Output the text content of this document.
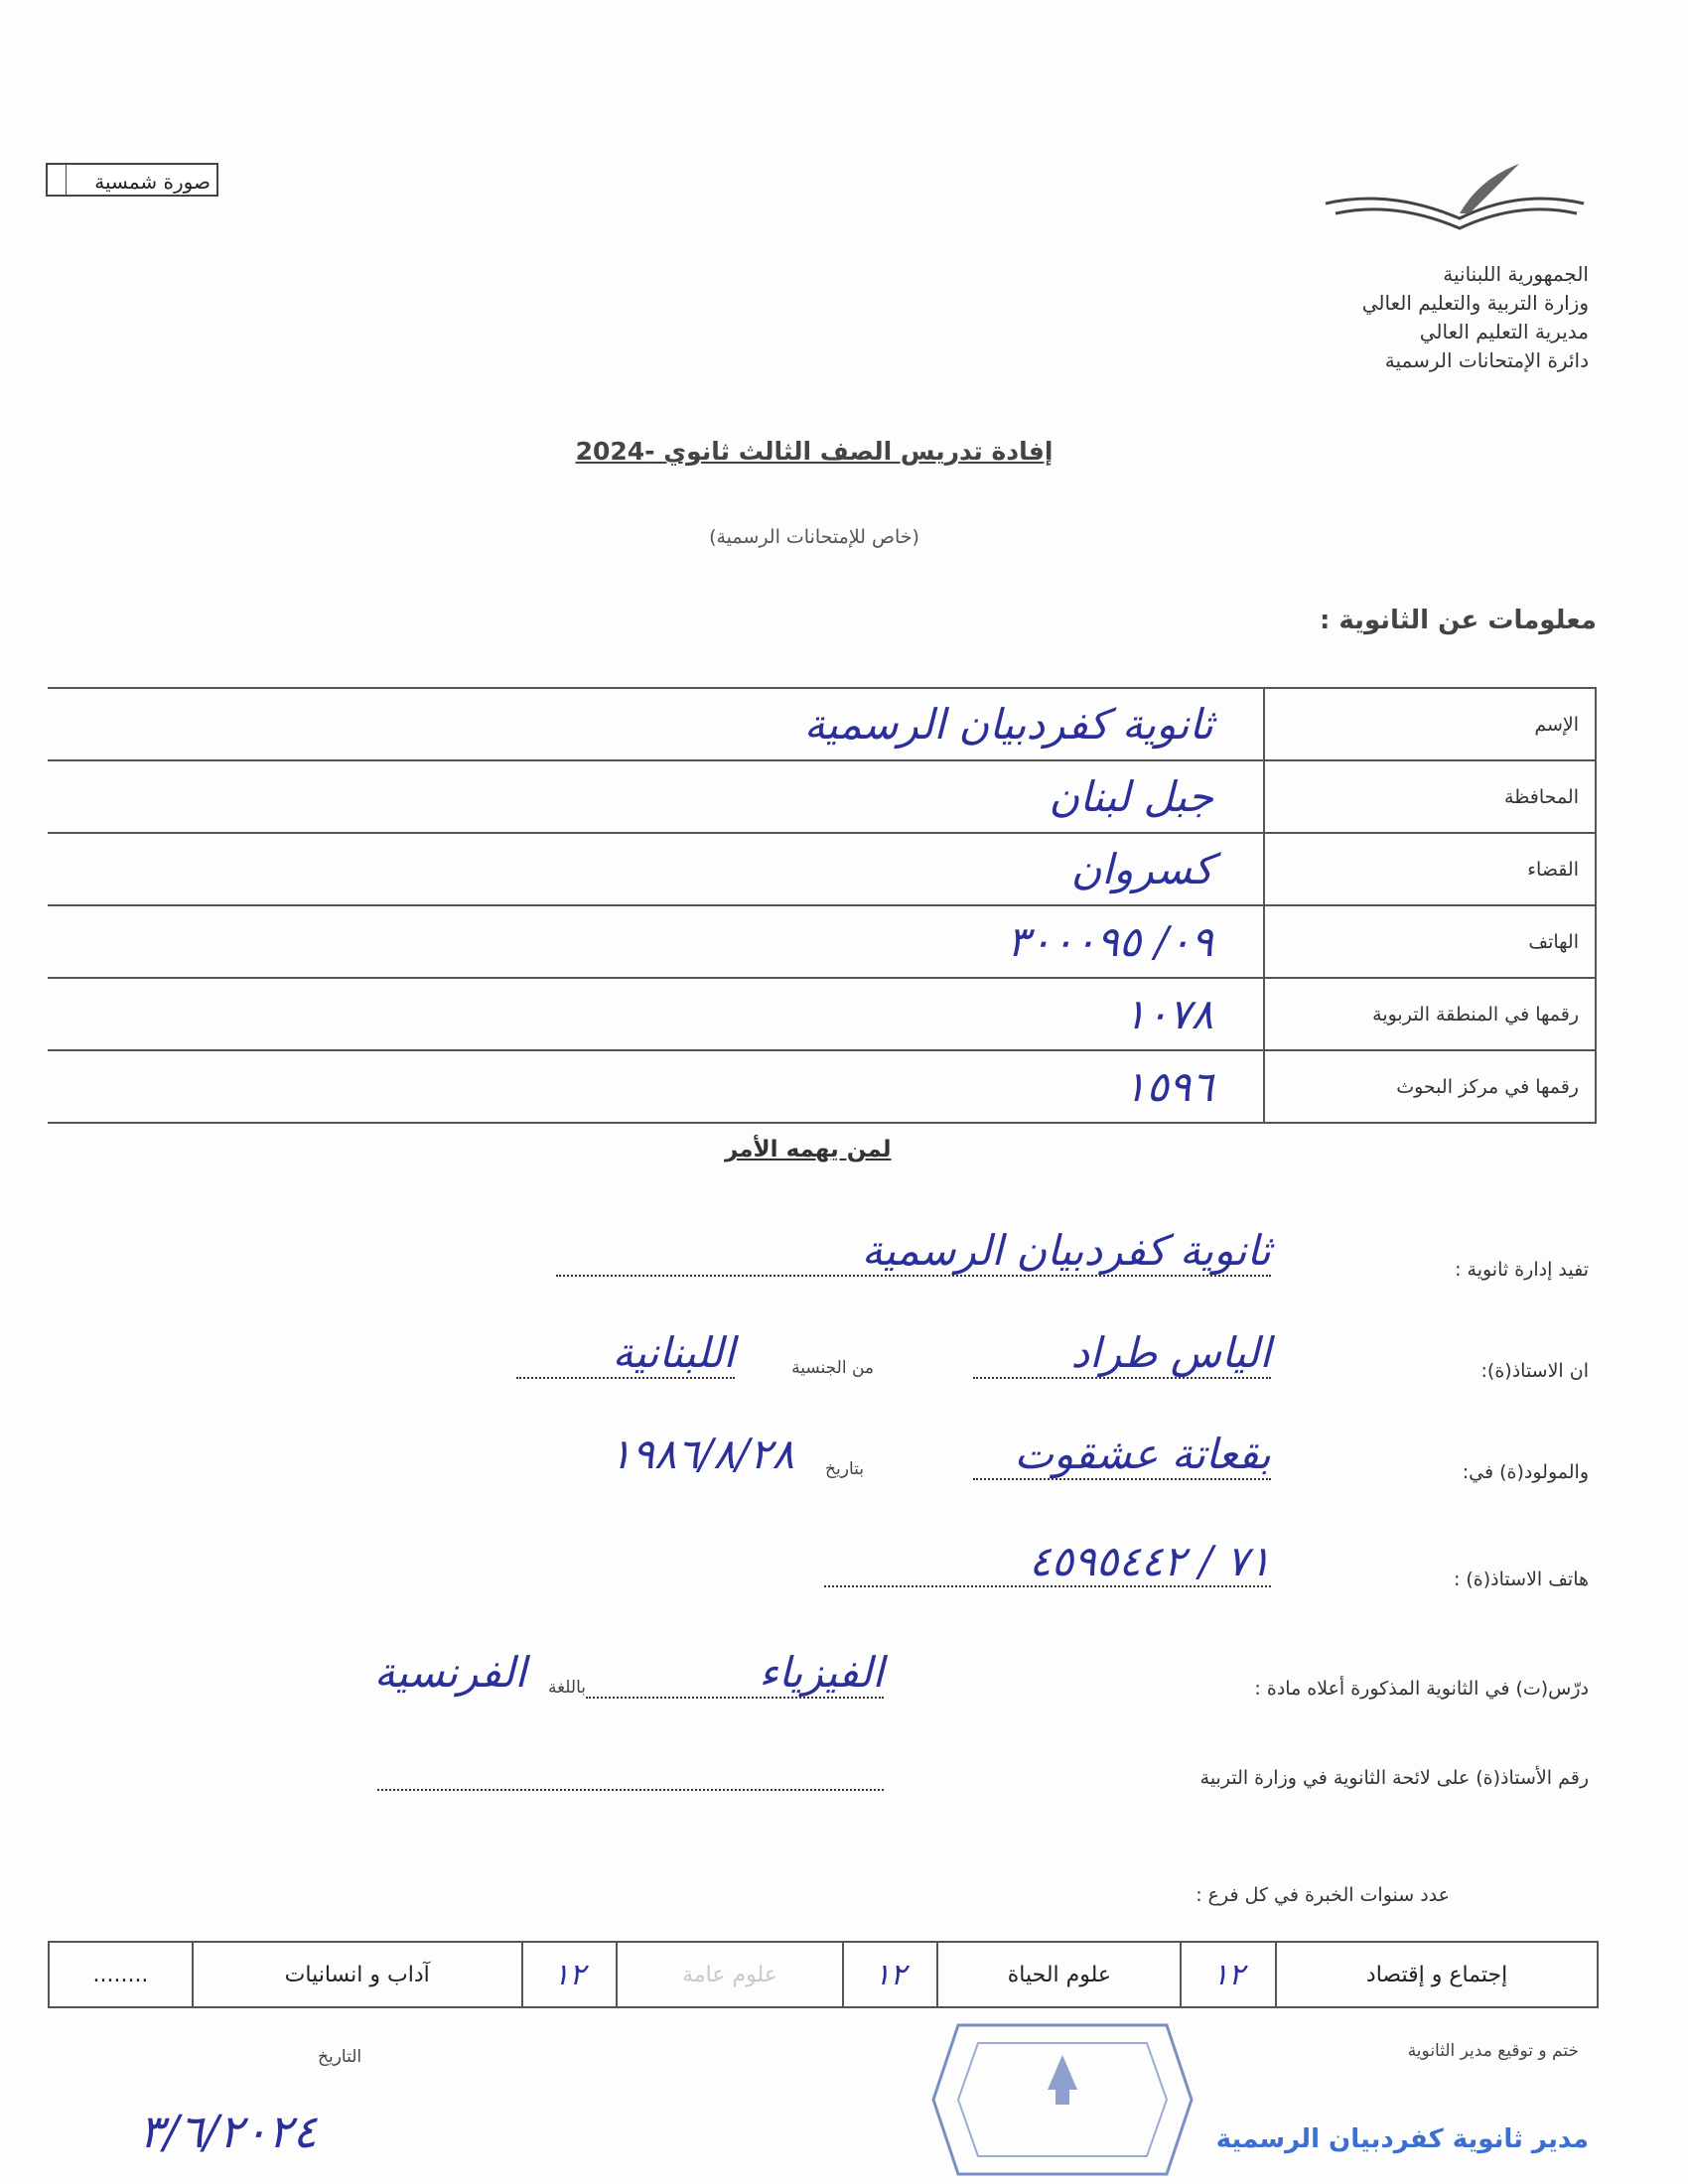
صورة شمسية
الجمهورية اللبنانية
وزارة التربية والتعليم العالي
مديرية التعليم العالي
دائرة الإمتحانات الرسمية
إفادة تدريس الصف الثالث ثانوي -2024
(خاص للإمتحانات الرسمية)
معلومات عن الثانوية :
الإسم	ثانوية كفردبيان الرسمية
المحافظة	جبل لبنان
القضاء	كسروان
الهاتف	٠٩/ ٣٠٠٠٩٥
رقمها في المنطقة التربوية	١٠٧٨
رقمها في مركز البحوث	١٥٩٦
لمن يهمه الأمر
تفيد إدارة ثانوية :
ثانوية كفردبيان الرسمية
ان الاستاذ(ة):
الياس طراد
من الجنسية
اللبنانية
والمولود(ة) في:
بقعاتة عشقوت
بتاريخ
١٩٨٦/٨/٢٨
هاتف الاستاذ(ة) :
٧١ / ٤٥٩٥٤٤٢
درّس(ت) في الثانوية المذكورة أعلاه مادة :
الفيزياء
باللغة
الفرنسية
رقم الأستاذ(ة) على لائحة الثانوية في وزارة التربية
عدد سنوات الخبرة في كل فرع :
إجتماع و إقتصاد	١٢	علوم الحياة	١٢	علوم عامة	١٢	آداب و انسانيات	........
ختم و توقيع مدير الثانوية
التاريخ
٣/٦/٢٠٢٤	مدير ثانوية كفردبيان الرسمية
